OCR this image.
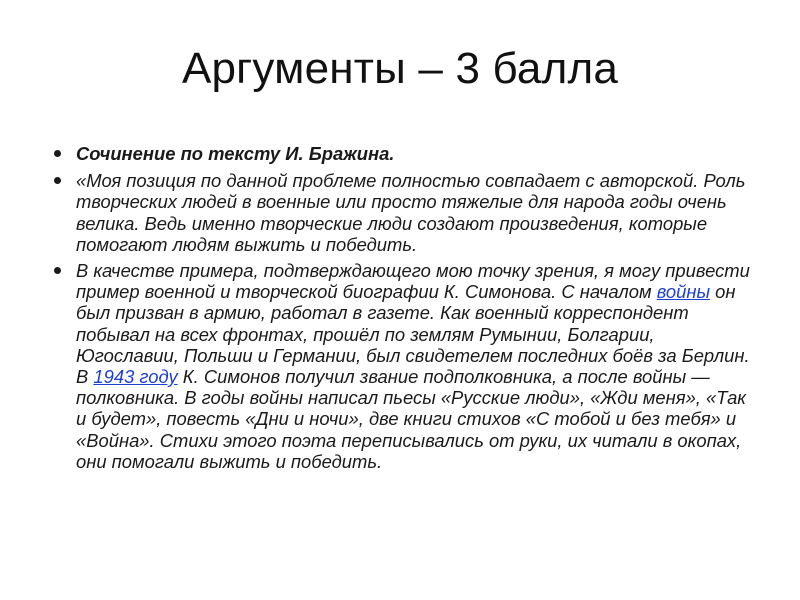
Аргументы – 3 балла
Сочинение по тексту И. Бражина.
«Моя позиция по данной проблеме полностью совпадает с авторской. Роль творческих людей в военные или просто тяжелые для народа годы очень велика. Ведь именно творческие люди создают произведения, которые помогают людям выжить и победить.
В качестве примера, подтверждающего мою точку зрения, я могу привести пример военной и творческой биографии К. Симонова. С началом войны он был призван в армию, работал в газете. Как военный корреспондент побывал на всех фронтах, прошёл по землям Румынии, Болгарии, Югославии, Польши и Германии, был свидетелем последних боёв за Берлин. В 1943 году К. Симонов получил звание подполковника, а после войны — полковника. В годы войны написал пьесы «Русские люди», «Жди меня», «Так и будет», повесть «Дни и ночи», две книги стихов «С тобой и без тебя» и «Война». Стихи этого поэта переписывались от руки, их читали в окопах, они помогали выжить и победить.
